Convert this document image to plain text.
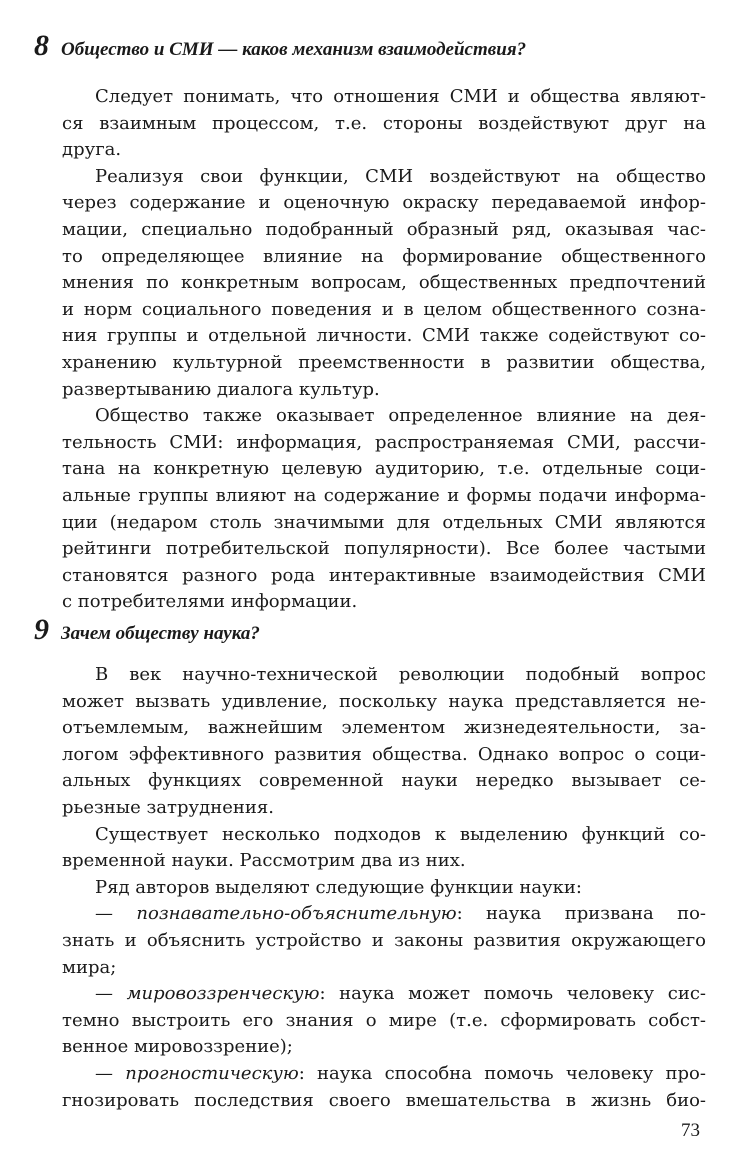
8 Общество и СМИ — каков механизм взаимодействия?
Следует понимать, что отношения СМИ и общества являют-
ся взаимным процессом, т.е. стороны воздействуют друг на
друга.
Реализуя свои функции, СМИ воздействуют на общество
через содержание и оценочную окраску передаваемой инфор-
мации, специально подобранный образный ряд, оказывая час-
то определяющее влияние на формирование общественного
мнения по конкретным вопросам, общественных предпочтений
и норм социального поведения и в целом общественного созна-
ния группы и отдельной личности. СМИ также содействуют со-
хранению культурной преемственности в развитии общества,
развертыванию диалога культур.
Общество также оказывает определенное влияние на дея-
тельность СМИ: информация, распространяемая СМИ, рассчи-
тана на конкретную целевую аудиторию, т.е. отдельные соци-
альные группы влияют на содержание и формы подачи информа-
ции (недаром столь значимыми для отдельных СМИ являются
рейтинги потребительской популярности). Все более частыми
становятся разного рода интерактивные взаимодействия СМИ
с потребителями информации.
9 Зачем обществу наука?
В век научно-технической революции подобный вопрос
может вызвать удивление, поскольку наука представляется не-
отъемлемым, важнейшим элементом жизнедеятельности, за-
логом эффективного развития общества. Однако вопрос о соци-
альных функциях современной науки нередко вызывает се-
рьезные затруднения.
Существует несколько подходов к выделению функций со-
временной науки. Рассмотрим два из них.
Ряд авторов выделяют следующие функции науки:
— познавательно-объяснительную: наука призвана по-
знать и объяснить устройство и законы развития окружающего
мира;
— мировоззренческую: наука может помочь человеку сис-
темно выстроить его знания о мире (т.е. сформировать собст-
венное мировоззрение);
— прогностическую: наука способна помочь человеку про-
гнозировать последствия своего вмешательства в жизнь био-
73
